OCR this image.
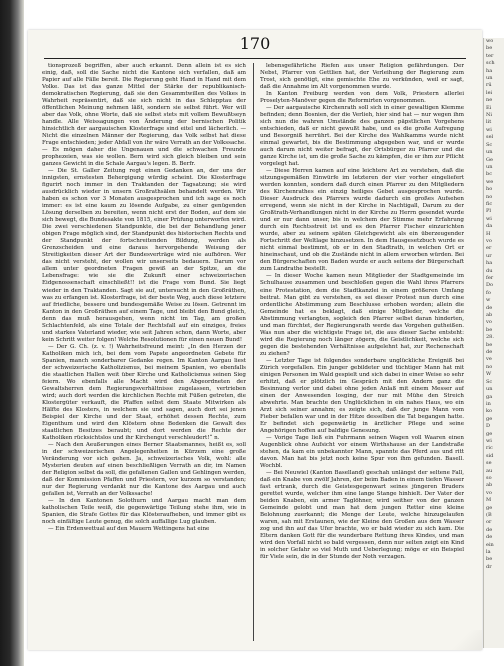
170

tionsprozeß begriffen, aber auch erkannt. Denn allein ist es sich einig, daß, soll die Sache nicht die Kantone sich verfallen, daß am Papier auf alle Fälle bereit. Die Regierung geht Hand in Hand mit dem Volke. Das ist das ganze Mittel der Stärke der republikanisch-demokratischen Regierung, daß sie den Gesammtwillen des Volkes in Wahrheit repräsentirt, daß sie sich nicht in das Schlepptau der öffentlichen Meinung nehmen läßt, sondern sie selbst führt. Wer will aber das Volk, ohne Worte, daß sie selbst stets mit vollem Bewußtseyn handle. Alle Weissagungen von Änderung der bernischen Politik hinsichtlich der aargauischen Klosterfrage sind eitel und lächerlich. — Nicht die einzelnen Männer der Regierung, das Volk selbst hat diese Frage entschieden; jeder Abfall von ihr wäre Verrath an der Volkssache. — Es mögen daher die Ungenauen und die schwachen Freunde prophezeien, was sie wollen. Bern wird sich gleich bleiben und sein ganzes Gewicht in die Schale Aargau's legen. B. Berfr.

— Die St. Galler Zeitung regt einen Gedanken an, der uns der innigsten, ernstesten Behergigung würdig scheint. Die Klosterfrage figurirt noch immer in den Traktanden der Tagsatzung; sie wird ausdrücklich wieder in unsern Großrathsälen behandelt werden. Wir haben es schon vor 3 Monaten ausgesprochen und ich sage es noch immer: es ist eine kaum zu lösende Aufgabe, zu einer genügenden Lösung derselben zu bereiten, wenn nicht erst der Boden, auf dem sie sich bewegt, die Bundesakte von 1815, einer Prüfung unterworfen wird. Die zwei verschiedenen Standpunkte, die bei der Behandlung jener obigen Frage möglich sind, der Standpunkt des historischen Rechts und der Standpunkt der fortschreitenden Bildung, werden als Grenzscheiden und eine daraus hervorgehende Weisung der Streitigkeiten dieser Art der Bundesverträge wird nie aufhören. Wer das nicht versteht, der wollen wir unserseits bedauern. Darum vor allem unter geordneten Fragen gewiß an der Spitze, an die Lebensfrage: wie sie die Zukunft einer schweizerischen Eidgenossenschaft einschließt!! ist die Frage vom Bund. Sie liegt wieder in den Traktanden. Sagt sie auf, untersucht in den Großräthen, was zu erfangen ist. Klosterfrage, ist der beste Weg, auch diese letztere auf friedliche, bessere und bundesgemäße Weise zu lösen. Getrennt im Kanton in den Großräthen auf einem Tage, und bleibt den Bund gleich, denn das muß herausgehen, wenn nicht im Tag, am großen Schlachtenfeld, als eine Totale der Rechtsfall auf ein einziges, freies und starkes Vaterland wieder, wie seit Jahren schon, dann Worte, aber kein Schritt weiter folgen! Welche Resolutionen für einen neuen Bund!

— Der G. Ch. (z. v. !) Wahrheitsfreund meint: „In den Herzen der Katholiken mich ich, bei dem vom Papste angeordneten Gebete für Spanien, manch sonderbarer Gedanke regen. Im Kanton Aargau liest der schweizerische Katholizismus, bei meinem Spanien, wo ebenfalls die staatlichen Hallen weit über Kirche und Katholicismus seinen Sieg feiern. Wo ebenfalls alle Macht wird den Abgeordneten der Gewaltsherren dem Regierungsverhältnisse zugelassen, vertrieben wird; auch dort werden die kirchlichen Rechte mit Füßen getreten, die Klostergüter verkauft, die Pfaffen selbst dem Staate Mitwirken als Hälfte des Klosters, in welchem sie und sagen, auch dort sei jenen Beispiel der Kirche und der Staat, erhöhet dessen Rechte, zum Eigenthum und wird den Klöstern ohne Bedenken die Gewalt des staatlichen Besitzes beraubt; und dort werden die Rechte der Katholiken rücksichtslos und ihr Kirchengut verschleudert!“ n.

— Nach den Aeußerungen eines Berner Staatsmannes, heißt es, soll in der schweizerischen Angelegenheiten in Kürzem eine große Veränderung vor sich gehen. Ja, schweizerisches Volk, wohl: alle Mysterien deuten auf einen beschließligen Verrath an dir, im Namen der Religion selbst da soll, die gefallenen Gallen und Gehlingen werden, daß der Kommission Pfaffen und Priestern, vor kurzem so verstanden; nur der Regierung verdankt nur die Kantone des Aargau und auch gefallen ist, Verrath an der Volkssache!

— In den Kantonen Solothurn und Aargau macht man dem katholischen Teile weiß, die gegenwärtige Teilung stehe ihm, wie in Spanien, die Strafe Gottes für das Klösteraufheben, und immer gibt es noch einfältige Leute genug, die solch auffallige Lug glauben.

— Ein Erdenwettual auf den Mauern Wettingens hat eine

lebensgefährliche Riefen aus unser Religion gefährdungen. Der Nebst, Pfarrer von Gettlien hat, der Verleihung der Regierung zum Trost, sich genötigt, eine gemischte Ehe zu verkünden, weil er sagt, daß die Annahme im Alt vorgenommen wurde.

In Kanton Freiburg werden von dem Volk, Priestern allerlei Proselyten-Manöver gegen die Reformirten vorgenommen.

— Der aargauische Kirchenrath soll sich in einer gewaltigen Klemme befinden; denn Bosnien, der die Verlieh, hier sind hat — nur wegen ihm sich nun die wahren Umstände des ganzen päpstlichen Vorgehens entschieden, daß er nicht gewußt habe, und es die große Aufregung und Besorgniß herrührt. Bei der Kirche des Wahlkamms wurde nicht einmal gewartet, bis die Bestimmung abgegeben war, und er wurde auch darum nicht weiter befragt, der Ortsbürger zu Pfarrer und die ganze Kirche ist, um die große Sache zu kämpfen, die er ihm zur Pflicht vorgelegt hat.

— Diese Herren kamen auf eine leichtere Art zu verstehen, daß die sitzungsgemäßen Einwürfe im letzteren der vier vorher eingeliefert werden konnten, sondern daß durch einen Pfarrer zu den Mitgliedern des Kirchenrathes ein einzig heiliges Gebet ausgesprochen wurde. Dieser Ausdruck des Pfarrers wurde dadurch ein großes Aufsehen erregend, wenn sie nicht in der Kirche in Nachtigall, Darum zu der Großtrath-Verhandlungen nicht in der Kirche zu Herrn gesendet wurde und er nur dann unser, bis in welchem der Stimme mehr Erfahrung durch ein Rechtsstreit ist und es den Pfarrer Fischer einzurichten wurde, aber zu seinem späten Gleichgewicht als ein überzeugender Fortschritt der Weltlage hinzusetzen. In dem Hausgesetzbuch wurde es nicht einmal bestimmt, ob er in den Stadtrath, in welchen Ort er hineinschaut, und ob die Zustände nicht in allem erworben würden. Bei den Bürgerschaften von Baden wurde er auch seitens der Bürgerschaft zum Landrathe bestellt.

— In dieser Woche kamen neun Mitglieder der Stadtgemeinde im Schulhause zusammen und beschloßen gegen die Wahl ihres Pfarrers eine Protestation, dem die Stadtkanzlei in einem größeren Umfang beitrat. Man gibt zu verstehen, es sei dieser Protest nun durch eine ordentliche Abstimmung zum Beschlusse erhoben worden; allein die Gemeinde hat es beklagt, daß einige Mitglieder, welche die Abstimmung verlangten, sogleich den Pfarrer selbst daran hinderten, und man fürchtet, der Regierungsrath werde das Vorgehen gutheißen. Was nun aber die wichtigste Frage ist, die aus dieser Sache entsteht: wird die Regierung noch länger zögern, die Geistlichkeit, welche sich gegen die bestehenden Verhältnisse aufgelehnt hat, zur Rechenschaft zu ziehen?

— Letzter Tage ist folgendes sonderbare unglückliche Ereigniß bei Zürich vorgefallen. Ein junger gebildeter und tüchtiger Mann hat mit einigen Personen im Wald gespielt und sich dabei in einer Weise so sehr erhitzt, daß er plötzlich im Gespräch mit den Andern ganz die Besinnung verlor und dabei ohne jeden Anlaß mit einem Messer auf einen der Anwesenden losging, der nur mit Mühe den Streich abwehrte. Man brachte den Unglücklichen in ein nahes Haus, wo ein Arzt sich seiner annahm; es zeigte sich, daß der junge Mann vom Fieber befallen war und in der Hitze desselben die Tat begangen hatte. Er befindet sich gegenwärtig in ärztlicher Pflege und seine Angehörigen hoffen auf baldige Genesung.

— Vorige Tage ließ ein Fuhrmann seinen Wagen voll Waaren einen Augenblick ohne Aufsicht vor einem Wirthshause an der Landstraße stehen, da kam ein unbekannter Mann, spannte das Pferd aus und ritt davon. Man hat bis jetzt noch keine Spur von ihm gefunden. Basell. Wochbl.

— Bei Neuwiel (Kanton Baselland) geschah unlängst der seltene Fall, daß ein Knabe von zwölf Jahren, der beim Baden in einem tiefen Wasser fast ertrank, durch die Geistesgegenwart seines jüngeren Bruders gerettet wurde, welcher ihm eine lange Stange hinhielt. Der Vater der beiden Knaben, ein armer Taglöhner, wird seither von der ganzen Gemeinde gelobt und man hat dem jungen Retter eine kleine Belohnung zuerkannt; die Menge der Leute, welche hinzugelaufen waren, sah mit Erstaunen, wie der Kleine den Großen aus dem Wasser zog und ihn auf das Ufer brachte, wo er bald wieder zu sich kam. Die Eltern danken Gott für die wunderbare Rettung ihres Kindes, und man wird den Vorfall nicht so bald vergessen, denn nur selten zeigt ein Kind in solcher Gefahr so viel Muth und Ueberlegung; möge er ein Beispiel für Viele sein, die in der Stunde der Noth verzagen.

wo
be
ter
sch
ha
un
rü
lei
ne
Ei
Ni
lit
wi
sel
Sc
un
Ge
un
bc
we
ho
no
fic
Pl
wi
da
H
vo
er
ur
ha
du
fer
Do
fo
w
de
ab
vo
be
28.
be
de
ve
no
W
Sc
un
ga
in
ko
ge
D
ge
wi
ric
sid
se
au
so
ab
vo
M
ge
(B
or
de
de
ein
la
be
dr
